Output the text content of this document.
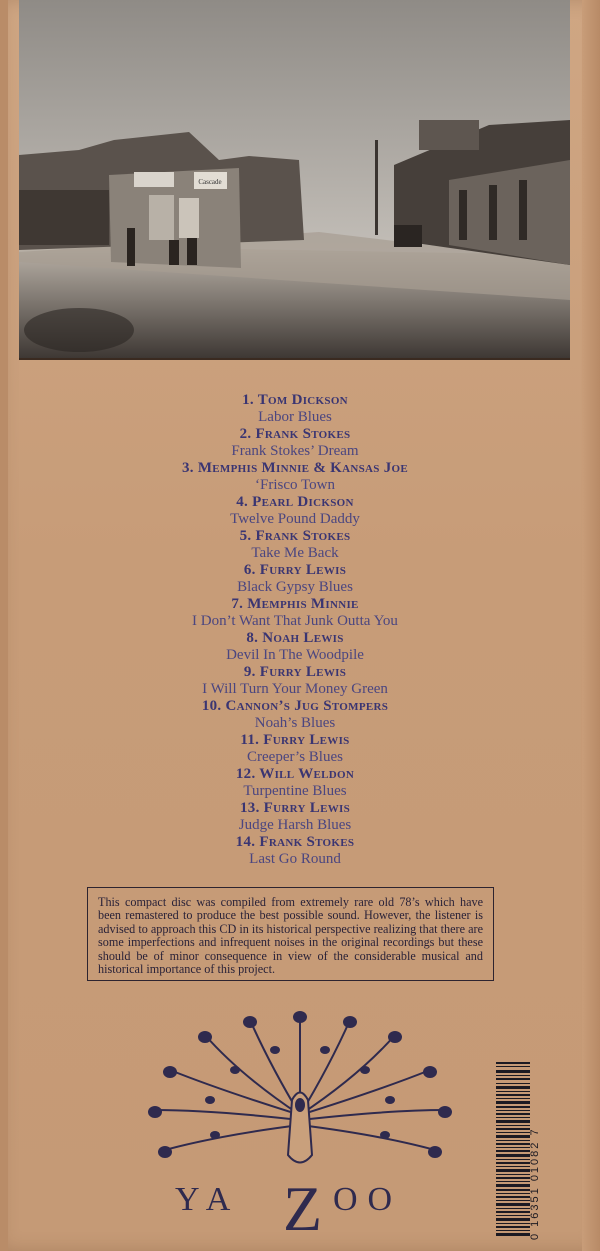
Cascade
1. Tom Dickson
Labor Blues
2. Frank Stokes
Frank Stokes’ Dream
3. Memphis Minnie & Kansas Joe
‘Frisco Town
4. Pearl Dickson
Twelve Pound Daddy
5. Frank Stokes
Take Me Back
6. Furry Lewis
Black Gypsy Blues
7. Memphis Minnie
I Don’t Want That Junk Outta You
8. Noah Lewis
Devil In The Woodpile
9. Furry Lewis
I Will Turn Your Money Green
10. Cannon’s Jug Stompers
Noah’s Blues
11. Furry Lewis
Creeper’s Blues
12. Will Weldon
Turpentine Blues
13. Furry Lewis
Judge Harsh Blues
14. Frank Stokes
Last Go Round
This compact disc was compiled from extremely rare old 78’s which have been remastered to produce the best possible sound. However, the listener is advised to approach this CD in its historical perspective realizing that there are some imperfections and infrequent noises in the original recordings but these should be of minor consequence in view of the considerable musical and historical importance of this project.
YA Z OO	0 16351 01082 7
